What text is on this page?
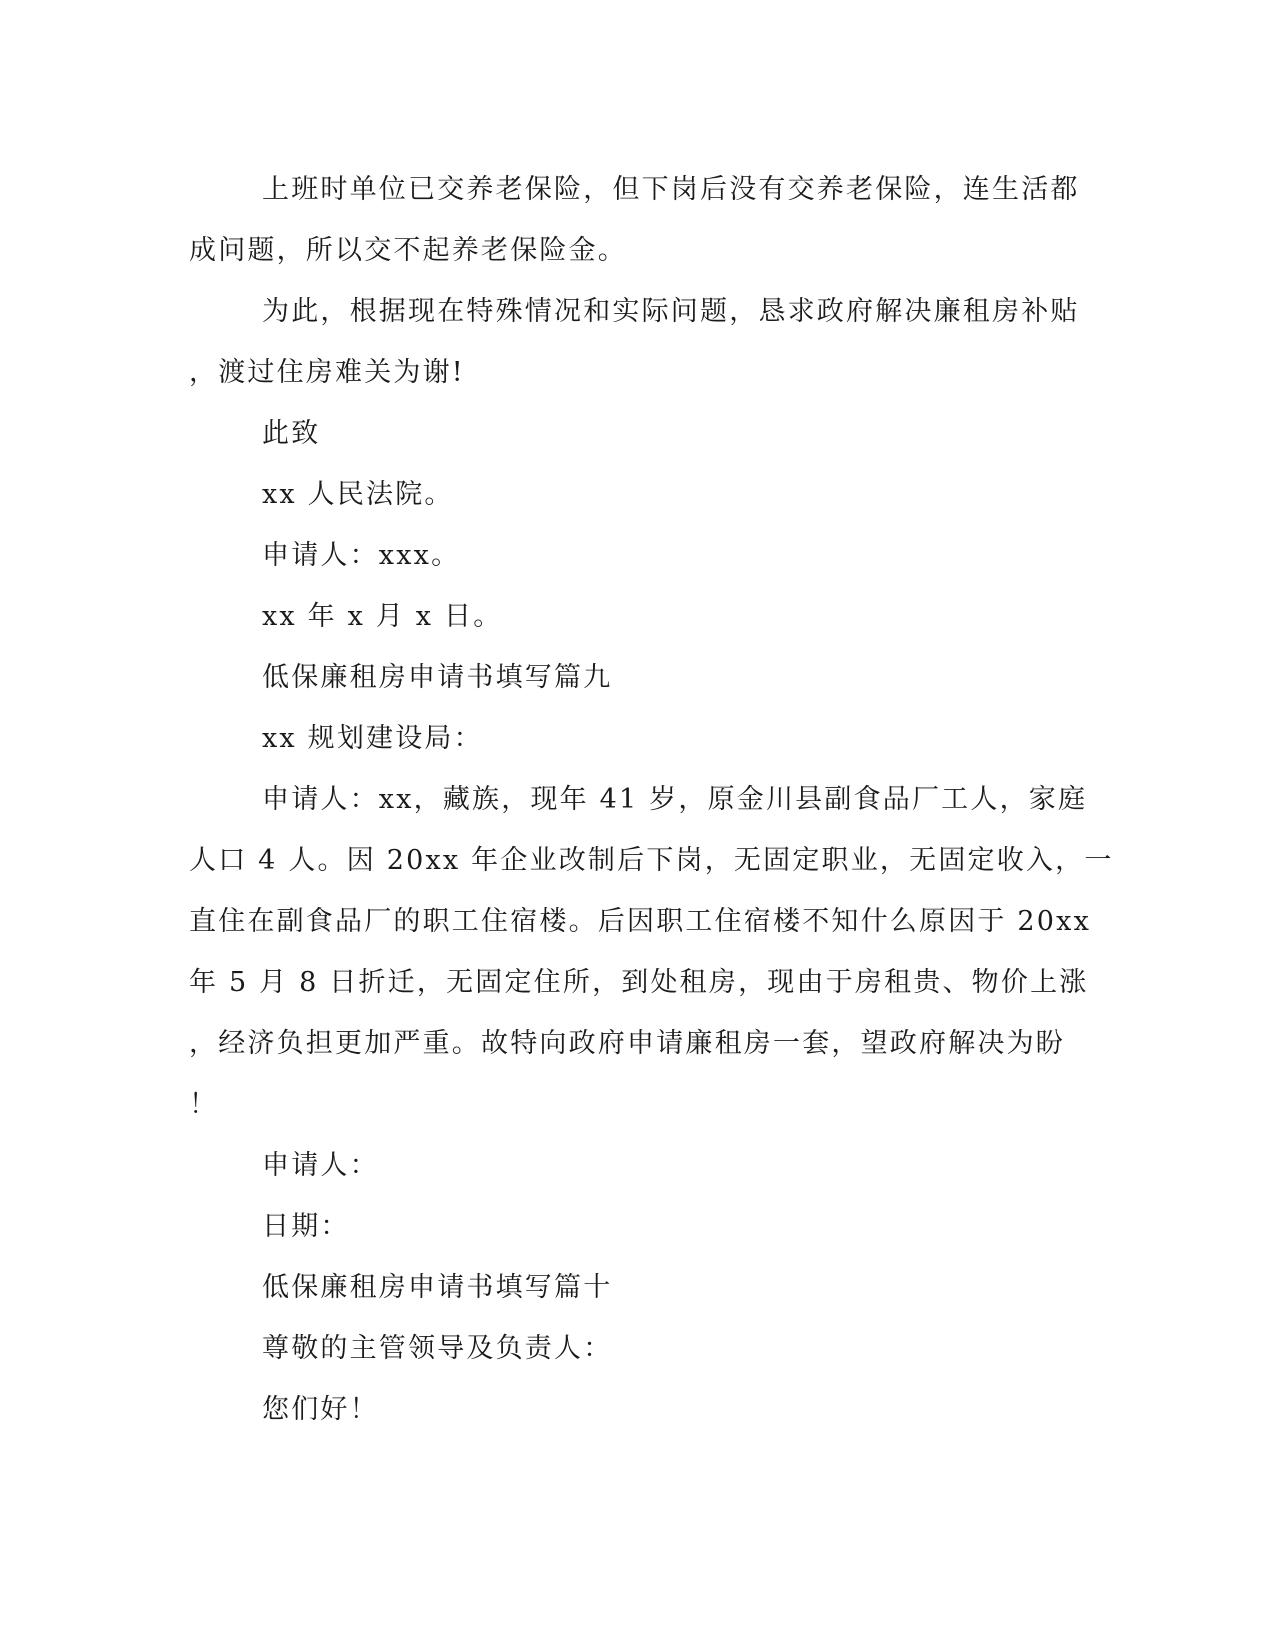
上班时单位已交养老保险，但下岗后没有交养老保险，连生活都
成问题，所以交不起养老保险金。
为此，根据现在特殊情况和实际问题，恳求政府解决廉租房补贴
，渡过住房难关为谢!
此致
xx 人民法院。
申请人：xxx。
xx 年 x 月 x 日。
低保廉租房申请书填写篇九
xx 规划建设局：
申请人：xx，藏族，现年 41 岁，原金川县副食品厂工人，家庭
人口 4 人。因 20xx 年企业改制后下岗，无固定职业，无固定收入，一
直住在副食品厂的职工住宿楼。后因职工住宿楼不知什么原因于 20xx
年 5 月 8 日折迁，无固定住所，到处租房，现由于房租贵、物价上涨
，经济负担更加严重。故特向政府申请廉租房一套，望政府解决为盼
！
申请人：
日期：
低保廉租房申请书填写篇十
尊敬的主管领导及负责人：
您们好！
